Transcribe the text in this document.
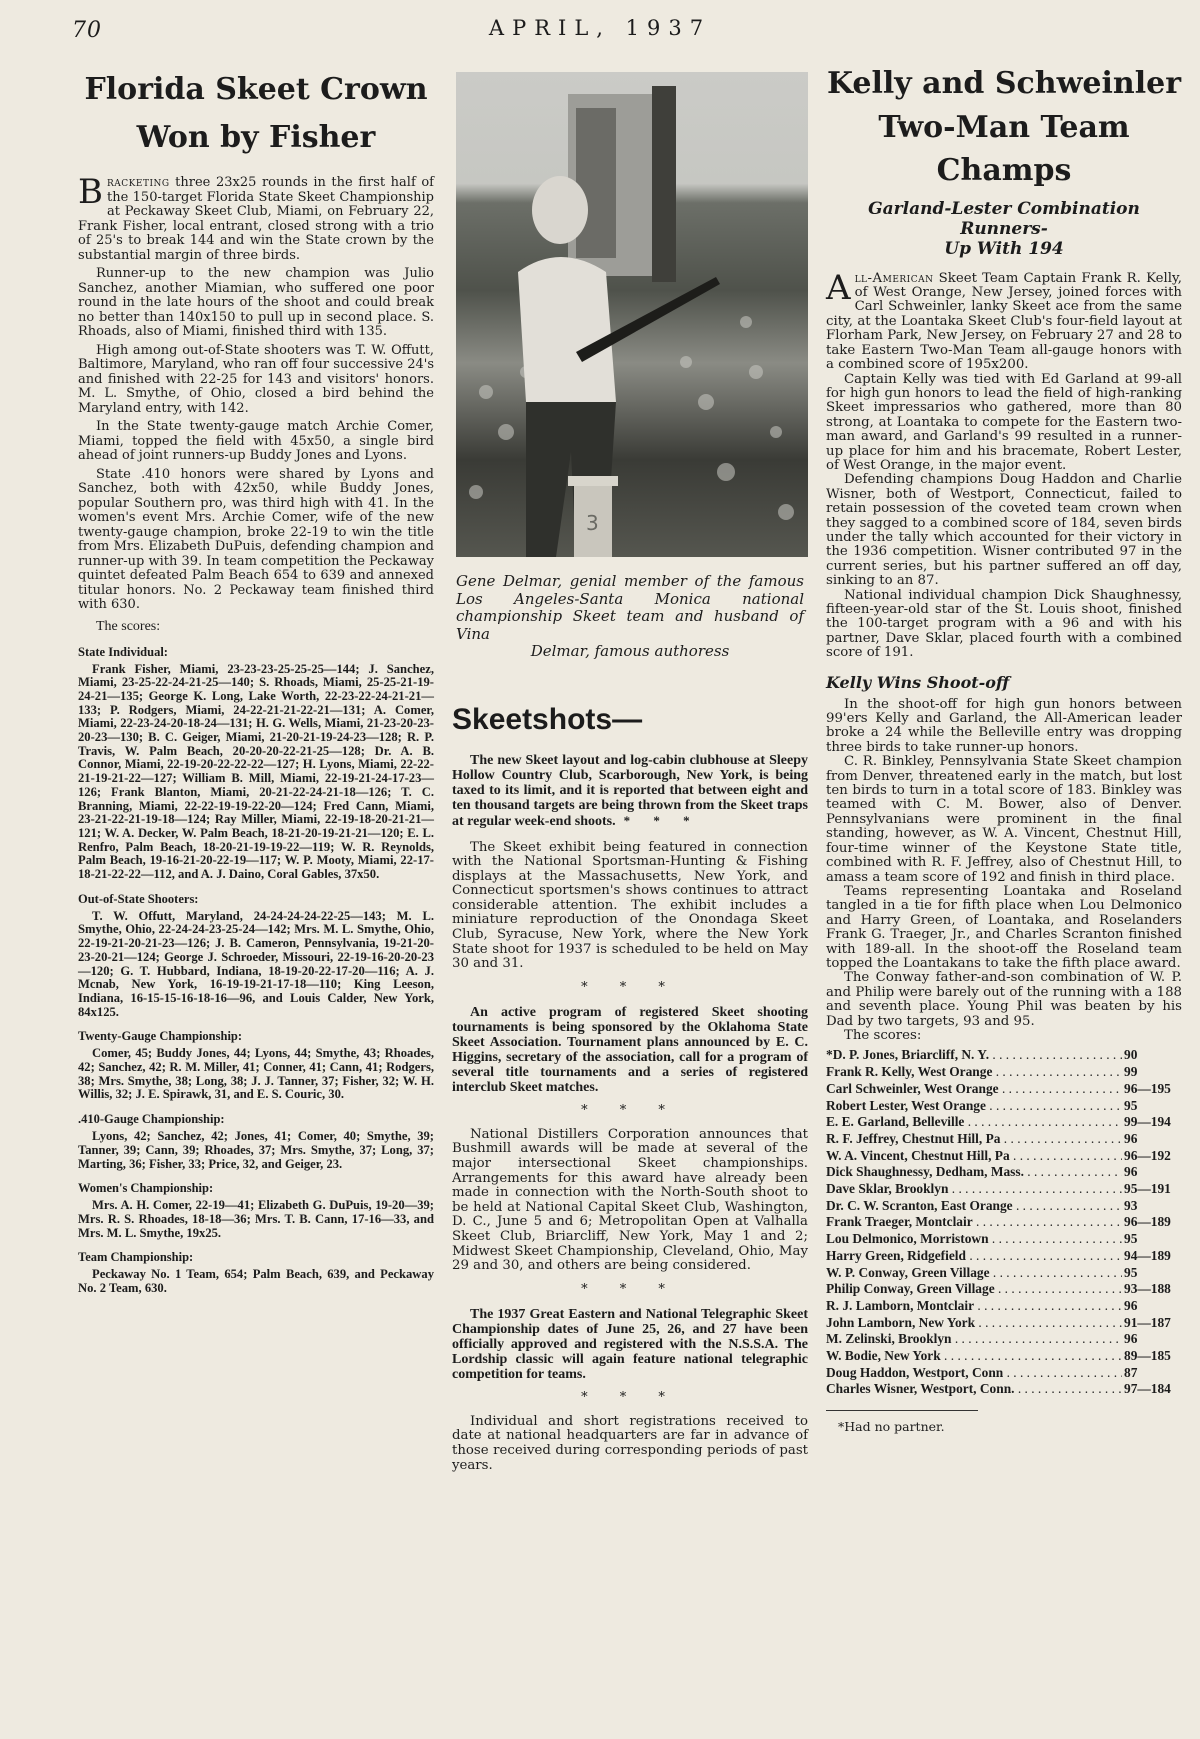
70	APRIL, 1937
Florida Skeet Crown
Won by Fisher

Bracketing three 23x25 rounds in the first half of the 150-target Florida State Skeet Championship at Peckaway Skeet Club, Miami, on February 22, Frank Fisher, local entrant, closed strong with a trio of 25's to break 144 and win the State crown by the substantial margin of three birds.

Runner-up to the new champion was Julio Sanchez, another Miamian, who suffered one poor round in the late hours of the shoot and could break no better than 140x150 to pull up in second place. S. Rhoads, also of Miami, finished third with 135.

High among out-of-State shooters was T. W. Offutt, Baltimore, Maryland, who ran off four successive 24's and finished with 22-25 for 143 and visitors' honors. M. L. Smythe, of Ohio, closed a bird behind the Maryland entry, with 142.

In the State twenty-gauge match Archie Comer, Miami, topped the field with 45x50, a single bird ahead of joint runners-up Buddy Jones and Lyons.

State .410 honors were shared by Lyons and Sanchez, both with 42x50, while Buddy Jones, popular Southern pro, was third high with 41. In the women's event Mrs. Archie Comer, wife of the new twenty-gauge champion, broke 22-19 to win the title from Mrs. Elizabeth DuPuis, defending champion and runner-up with 39. In team competition the Peckaway quintet defeated Palm Beach 654 to 639 and annexed titular honors. No. 2 Peckaway team finished third with 630.

The scores:
State Individual:

Frank Fisher, Miami, 23-23-23-25-25-25—144; J. Sanchez, Miami, 23-25-22-24-21-25—140; S. Rhoads, Miami, 25-25-21-19-24-21—135; George K. Long, Lake Worth, 22-23-22-24-21-21—133; P. Rodgers, Miami, 24-22-21-21-22-21—131; A. Comer, Miami, 22-23-24-20-18-24—131; H. G. Wells, Miami, 21-23-20-23-20-23—130; B. C. Geiger, Miami, 21-20-21-19-24-23—128; R. P. Travis, W. Palm Beach, 20-20-20-22-21-25—128; Dr. A. B. Connor, Miami, 22-19-20-22-22-22—127; H. Lyons, Miami, 22-22-21-19-21-22—127; William B. Mill, Miami, 22-19-21-24-17-23—126; Frank Blanton, Miami, 20-21-22-24-21-18—126; T. C. Branning, Miami, 22-22-19-19-22-20—124; Fred Cann, Miami, 23-21-22-21-19-18—124; Ray Miller, Miami, 22-19-18-20-21-21—121; W. A. Decker, W. Palm Beach, 18-21-20-19-21-21—120; E. L. Renfro, Palm Beach, 18-20-21-19-19-22—119; W. R. Reynolds, Palm Beach, 19-16-21-20-22-19—117; W. P. Mooty, Miami, 22-17-18-21-22-22—112, and A. J. Daino, Coral Gables, 37x50.

Out-of-State Shooters:

T. W. Offutt, Maryland, 24-24-24-24-22-25—143; M. L. Smythe, Ohio, 22-24-24-23-25-24—142; Mrs. M. L. Smythe, Ohio, 22-19-21-20-21-23—126; J. B. Cameron, Pennsylvania, 19-21-20-23-20-21—124; George J. Schroeder, Missouri, 22-19-16-20-20-23—120; G. T. Hubbard, Indiana, 18-19-20-22-17-20—116; A. J. Mcnab, New York, 16-19-19-21-17-18—110; King Leeson, Indiana, 16-15-15-16-18-16—96, and Louis Calder, New York, 84x125.

Twenty-Gauge Championship:

Comer, 45; Buddy Jones, 44; Lyons, 44; Smythe, 43; Rhoades, 42; Sanchez, 42; R. M. Miller, 41; Conner, 41; Cann, 41; Rodgers, 38; Mrs. Smythe, 38; Long, 38; J. J. Tanner, 37; Fisher, 32; W. H. Willis, 32; J. E. Spirawk, 31, and E. S. Couric, 30.

.410-Gauge Championship:

Lyons, 42; Sanchez, 42; Jones, 41; Comer, 40; Smythe, 39; Tanner, 39; Cann, 39; Rhoades, 37; Mrs. Smythe, 37; Long, 37; Marting, 36; Fisher, 33; Price, 32, and Geiger, 23.

Women's Championship:

Mrs. A. H. Comer, 22-19—41; Elizabeth G. DuPuis, 19-20—39; Mrs. R. S. Rhoades, 18-18—36; Mrs. T. B. Cann, 17-16—33, and Mrs. M. L. Smythe, 19x25.

Team Championship:

Peckaway No. 1 Team, 654; Palm Beach, 639, and Peckaway No. 2 Team, 630.

3
Gene Delmar, genial member of the famous Los Angeles-Santa Monica national championship Skeet team and husband of Vina
Delmar, famous authoress
Skeetshots—

The new Skeet layout and log-cabin clubhouse at Sleepy Hollow Country Club, Scarborough, New York, is being taxed to its limit, and it is reported that between eight and ten thousand targets are being thrown from the Skeet traps at regular week-end shoots. * * *

The Skeet exhibit being featured in connection with the National Sportsman-Hunting & Fishing displays at the Massachusetts, New York, and Connecticut sportsmen's shows continues to attract considerable attention. The exhibit includes a miniature reproduction of the Onondaga Skeet Club, Syracuse, New York, where the New York State shoot for 1937 is scheduled to be held on May 30 and 31.

* * *

An active program of registered Skeet shooting tournaments is being sponsored by the Oklahoma State Skeet Association. Tournament plans announced by E. C. Higgins, secretary of the association, call for a program of several title tournaments and a series of registered interclub Skeet matches.

* * *

National Distillers Corporation announces that Bushmill awards will be made at several of the major intersectional Skeet championships. Arrangements for this award have already been made in connection with the North-South shoot to be held at National Capital Skeet Club, Washington, D. C., June 5 and 6; Metropolitan Open at Valhalla Skeet Club, Briarcliff, New York, May 1 and 2; Midwest Skeet Championship, Cleveland, Ohio, May 29 and 30, and others are being considered.

* * *

The 1937 Great Eastern and National Telegraphic Skeet Championship dates of June 25, 26, and 27 have been officially approved and registered with the N.S.S.A. The Lordship classic will again feature national telegraphic competition for teams.

* * *

Individual and short registrations received to date at national headquarters are far in advance of those received during corresponding periods of past years.

Kelly and Schweinler
Two-Man Team
Champs
Garland-Lester Combination Runners-
Up With 194

All-American Skeet Team Captain Frank R. Kelly, of West Orange, New Jersey, joined forces with Carl Schweinler, lanky Skeet ace from the same city, at the Loantaka Skeet Club's four-field layout at Florham Park, New Jersey, on February 27 and 28 to take Eastern Two-Man Team all-gauge honors with a combined score of 195x200.

Captain Kelly was tied with Ed Garland at 99-all for high gun honors to lead the field of high-ranking Skeet impressarios who gathered, more than 80 strong, at Loantaka to compete for the Eastern two-man award, and Garland's 99 resulted in a runner-up place for him and his bracemate, Robert Lester, of West Orange, in the major event.

Defending champions Doug Haddon and Charlie Wisner, both of Westport, Connecticut, failed to retain possession of the coveted team crown when they sagged to a combined score of 184, seven birds under the tally which accounted for their victory in the 1936 competition. Wisner contributed 97 in the current series, but his partner suffered an off day, sinking to an 87.

National individual champion Dick Shaughnessy, fifteen-year-old star of the St. Louis shoot, finished the 100-target program with a 96 and with his partner, Dave Sklar, placed fourth with a combined score of 191.

Kelly Wins Shoot-off

In the shoot-off for high gun honors between 99'ers Kelly and Garland, the All-American leader broke a 24 while the Belleville entry was dropping three birds to take runner-up honors.

C. R. Binkley, Pennsylvania State Skeet champion from Denver, threatened early in the match, but lost ten birds to turn in a total score of 183. Binkley was teamed with C. M. Bower, also of Denver. Pennsylvanians were prominent in the final standing, however, as W. A. Vincent, Chestnut Hill, four-time winner of the Keystone State title, combined with R. F. Jeffrey, also of Chestnut Hill, to amass a team score of 192 and finish in third place.

Teams representing Loantaka and Roseland tangled in a tie for fifth place when Lou Delmonico and Harry Green, of Loantaka, and Roselanders Frank G. Traeger, Jr., and Charles Scranton finished with 189-all. In the shoot-off the Roseland team topped the Loantakans to take the fifth place award.

The Conway father-and-son combination of W. P. and Philip were barely out of the running with a 188 and seventh place. Young Phil was beaten by his Dad by two targets, 93 and 95.

The scores:

*D. P. Jones, Briarcliff, N. Y. . . .	90
Frank R. Kelly, West Orange . . .	99
Carl Schweinler, West Orange . . .	96—195
Robert Lester, West Orange . . .	95
E. E. Garland, Belleville . . .	99—194
R. F. Jeffrey, Chestnut Hill, Pa . . .	96
W. A. Vincent, Chestnut Hill, Pa . . .	96—192
Dick Shaughnessy, Dedham, Mass. . . .	96
Dave Sklar, Brooklyn . . .	95—191
Dr. C. W. Scranton, East Orange . . .	93
Frank Traeger, Montclair . . .	96—189
Lou Delmonico, Morristown . . .	95
Harry Green, Ridgefield . . .	94—189
W. P. Conway, Green Village . . .	95
Philip Conway, Green Village . . .	93—188
R. J. Lamborn, Montclair . . .	96
John Lamborn, New York . . .	91—187
M. Zelinski, Brooklyn . . .	96
W. Bodie, New York . . .	89—185
Doug Haddon, Westport, Conn . . .	87
Charles Wisner, Westport, Conn. . . .	97—184
*Had no partner.
